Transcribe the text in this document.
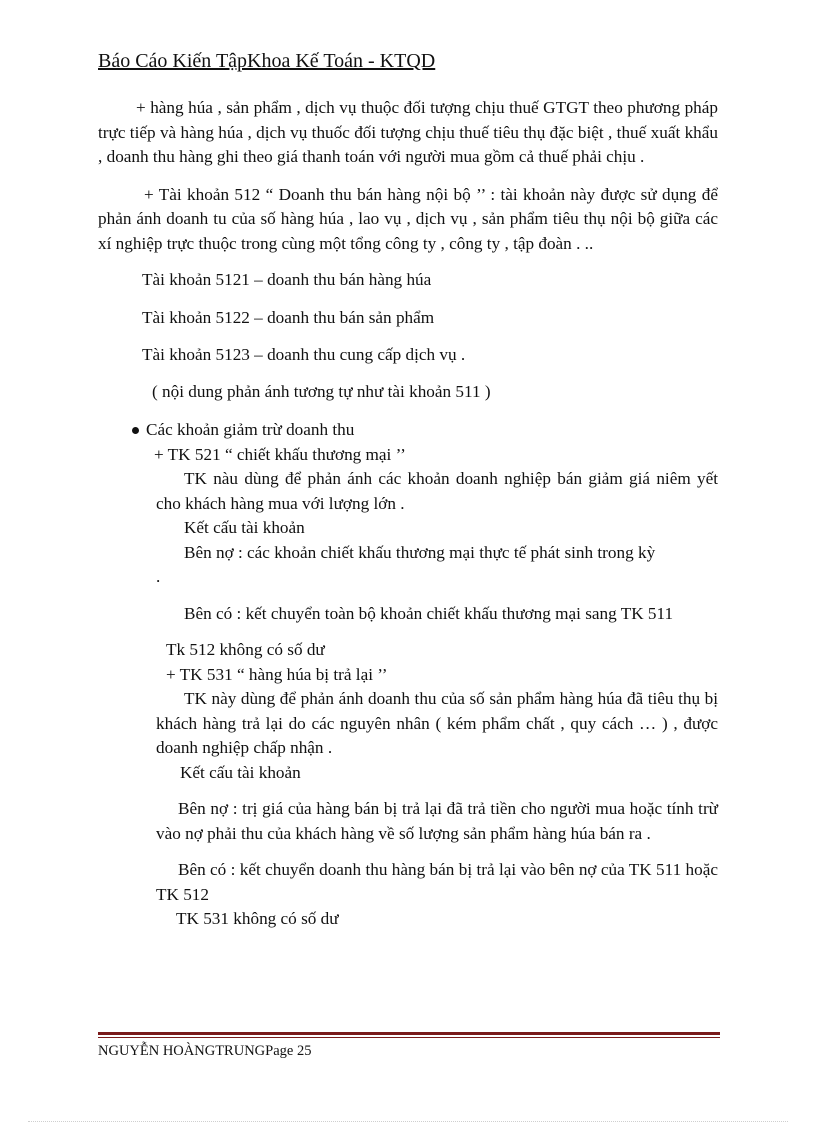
Báo Cáo Kiến TậpKhoa Kế Toán - KTQD

+ hàng húa , sản phẩm , dịch vụ thuộc đối tượng chịu thuế GTGT theo phương pháp trực tiếp và hàng húa , dịch vụ thuốc đối tượng chịu thuế tiêu thụ đặc biệt , thuế xuất khẩu , doanh thu hàng ghi theo giá thanh toán với người mua gồm cả thuế phải chịu .

+ Tài khoản 512 “ Doanh thu bán hàng nội bộ ’’ : tài khoản này được sử dụng để phản ánh doanh tu của số hàng húa , lao vụ , dịch vụ , sản phẩm tiêu thụ nội bộ giữa các xí nghiệp trực thuộc trong cùng một tổng công ty , công ty , tập đoàn . ..

Tài khoản 5121 – doanh thu bán hàng húa

Tài khoản 5122 – doanh thu bán sản phẩm

Tài khoản 5123 – doanh thu cung cấp dịch vụ .

( nội dung phản ánh tương tự như tài khoản 511 )

Các khoản giảm trừ doanh thu

+ TK 521 “ chiết khấu thương mại ’’

TK nàu dùng để phản ánh các khoản doanh nghiệp bán giảm giá niêm yết cho khách hàng mua với lượng lớn .

Kết cấu tài khoản

Bên nợ : các khoản chiết khấu thương mại thực tế phát sinh trong kỳ

.

Bên có : kết chuyển toàn bộ khoản chiết khấu thương mại sang TK 511

Tk 512 không có số dư

+ TK 531 “ hàng húa bị trả lại ’’

TK này dùng để phản ánh doanh thu của số sản phẩm hàng húa đã tiêu thụ bị khách hàng trả lại do các nguyên nhân ( kém phẩm chất , quy cách … ) , được doanh nghiệp chấp nhận .

Kết cấu tài khoản

Bên nợ : trị giá của hàng bán bị trả lại đã trả tiền cho người mua hoặc tính trừ vào nợ phải thu của khách hàng về số lượng sản phẩm hàng húa bán ra .

Bên có : kết chuyển doanh thu hàng bán bị trả lại vào bên nợ của TK 511 hoặc TK 512

TK 531 không có số dư

NGUYỄN HOÀNGTRUNGPage 25
